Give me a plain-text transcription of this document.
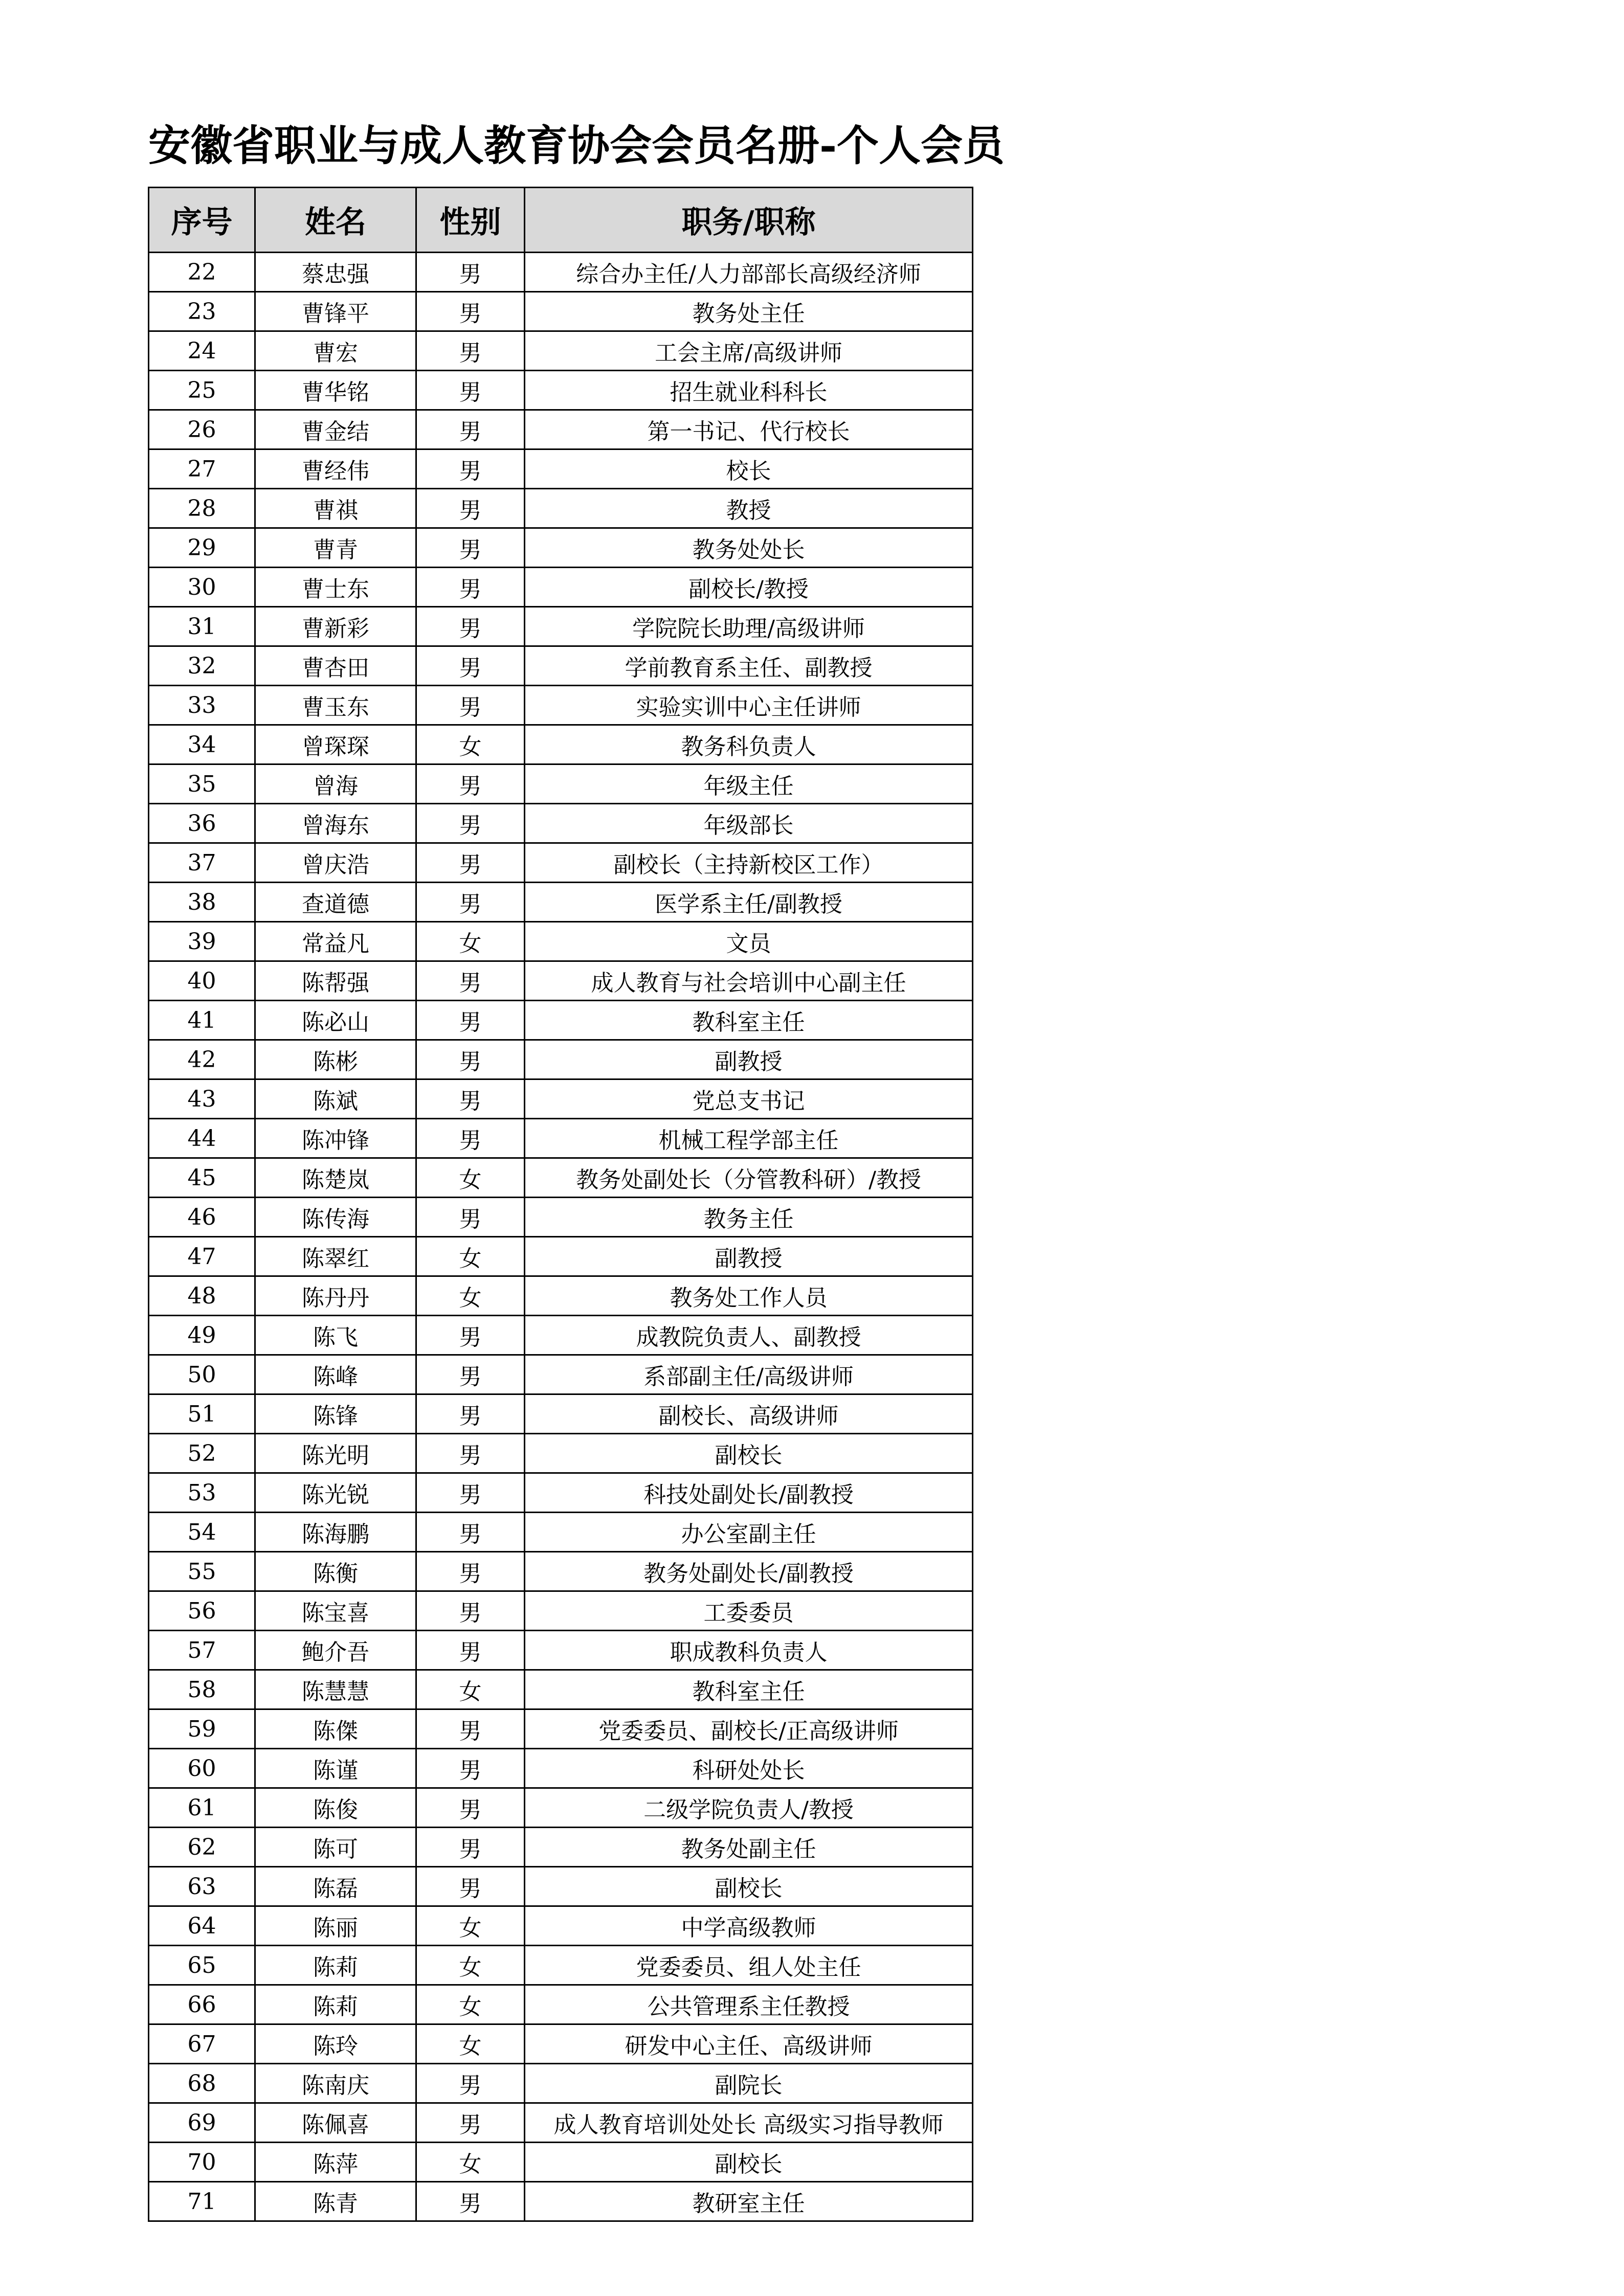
安徽省职业与成人教育协会会员名册-个人会员
序号	姓名	性别	职务/职称
22	蔡忠强	男	综合办主任/人力部部长高级经济师
23	曹锋平	男	教务处主任
24	曹宏	男	工会主席/高级讲师
25	曹华铭	男	招生就业科科长
26	曹金结	男	第一书记、代行校长
27	曹经伟	男	校长
28	曹祺	男	教授
29	曹青	男	教务处处长
30	曹士东	男	副校长/教授
31	曹新彩	男	学院院长助理/高级讲师
32	曹杏田	男	学前教育系主任、副教授
33	曹玉东	男	实验实训中心主任讲师
34	曾琛琛	女	教务科负责人
35	曾海	男	年级主任
36	曾海东	男	年级部长
37	曾庆浩	男	副校长（主持新校区工作）
38	查道德	男	医学系主任/副教授
39	常益凡	女	文员
40	陈帮强	男	成人教育与社会培训中心副主任
41	陈必山	男	教科室主任
42	陈彬	男	副教授
43	陈斌	男	党总支书记
44	陈冲锋	男	机械工程学部主任
45	陈楚岚	女	教务处副处长（分管教科研）/教授
46	陈传海	男	教务主任
47	陈翠红	女	副教授
48	陈丹丹	女	教务处工作人员
49	陈飞	男	成教院负责人、副教授
50	陈峰	男	系部副主任/高级讲师
51	陈锋	男	副校长、高级讲师
52	陈光明	男	副校长
53	陈光锐	男	科技处副处长/副教授
54	陈海鹏	男	办公室副主任
55	陈衡	男	教务处副处长/副教授
56	陈宝喜	男	工委委员
57	鲍介吾	男	职成教科负责人
58	陈慧慧	女	教科室主任
59	陈傑	男	党委委员、副校长/正高级讲师
60	陈谨	男	科研处处长
61	陈俊	男	二级学院负责人/教授
62	陈可	男	教务处副主任
63	陈磊	男	副校长
64	陈丽	女	中学高级教师
65	陈莉	女	党委委员、组人处主任
66	陈莉	女	公共管理系主任教授
67	陈玲	女	研发中心主任、高级讲师
68	陈南庆	男	副院长
69	陈佩喜	男	成人教育培训处处长 高级实习指导教师
70	陈萍	女	副校长
71	陈青	男	教研室主任
